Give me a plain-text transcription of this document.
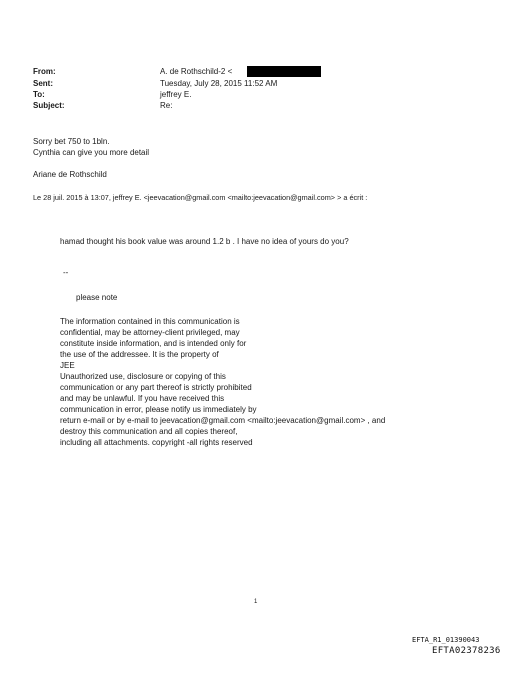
From:	A. de Rothschild-2 <
Sent:	Tuesday, July 28, 2015 11:52 AM
To:	jeffrey E.
Subject:	Re:
Sorry bet 750 to 1bln.
Cynthia can give you more detail
Ariane de Rothschild
Le 28 juil. 2015 à 13:07, jeffrey E. <jeevacation@gmail.com <mailto:jeevacation@gmail.com> > a écrit :
hamad thought his book value was around 1.2 b . I have no idea of yours do you?
--
please note
The information contained in this communication is
confidential, may be attorney-client privileged, may
constitute inside information, and is intended only for
the use of the addressee. It is the property of
JEE
Unauthorized use, disclosure or copying of this
communication or any part thereof is strictly prohibited
and may be unlawful. If you have received this
communication in error, please notify us immediately by
return e-mail or by e-mail to jeevacation@gmail.com <mailto:jeevacation@gmail.com> , and
destroy this communication and all copies thereof,
including all attachments. copyright -all rights reserved
1
EFTA_R1_01390043
EFTA02378236
